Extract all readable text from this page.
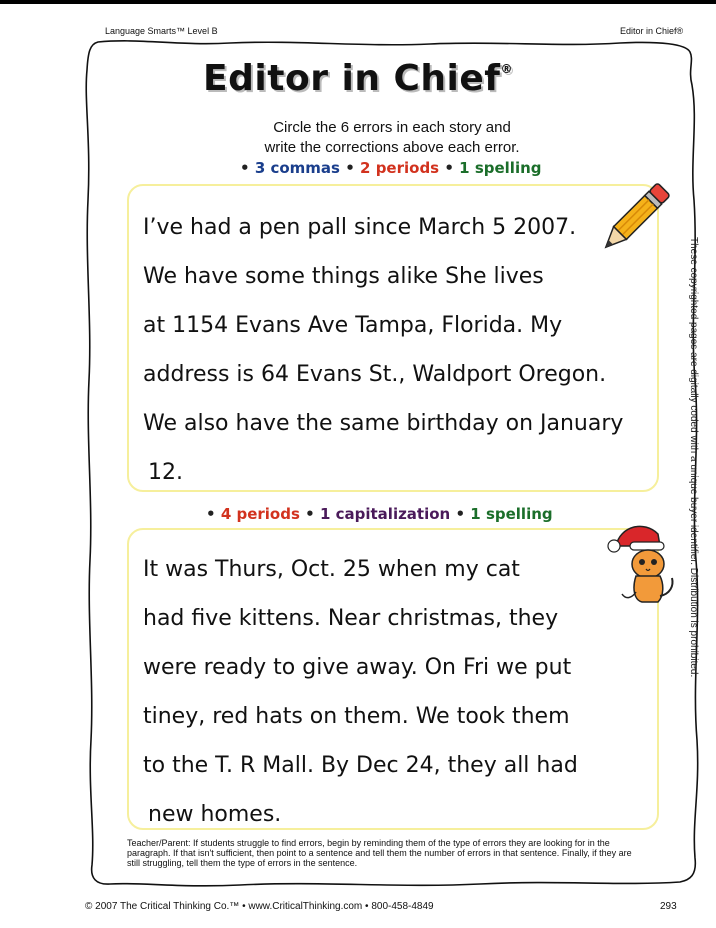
Language Smarts™ Level B	Editor in Chief®
Editor in Chief®
Circle the 6 errors in each story and
write the corrections above each error.
• 3 commas • 2 periods • 1 spelling
I’ve had a pen pall since March 5 2007.
We have some things alike She lives
at 1154 Evans Ave Tampa, Florida. My
address is 64 Evans St., Waldport Oregon.
We also have the same birthday on January
12.
• 4 periods • 1 capitalization • 1 spelling
It was Thurs, Oct. 25 when my cat
had five kittens. Near christmas, they
were ready to give away. On Fri we put
tiney, red hats on them. We took them
to the T. R Mall. By Dec 24, they all had
new homes.
These copyrighted pages are digitally coded with a unique buyer identifier. Distribution is prohibited.
Teacher/Parent: If students struggle to find errors, begin by reminding them of the type of errors they are looking for in the paragraph. If that isn't sufficient, then point to a sentence and tell them the number of errors in that sentence. Finally, if they are still struggling, tell them the type of errors in the sentence.
© 2007 The Critical Thinking Co.™ • www.CriticalThinking.com • 800-458-4849	293
